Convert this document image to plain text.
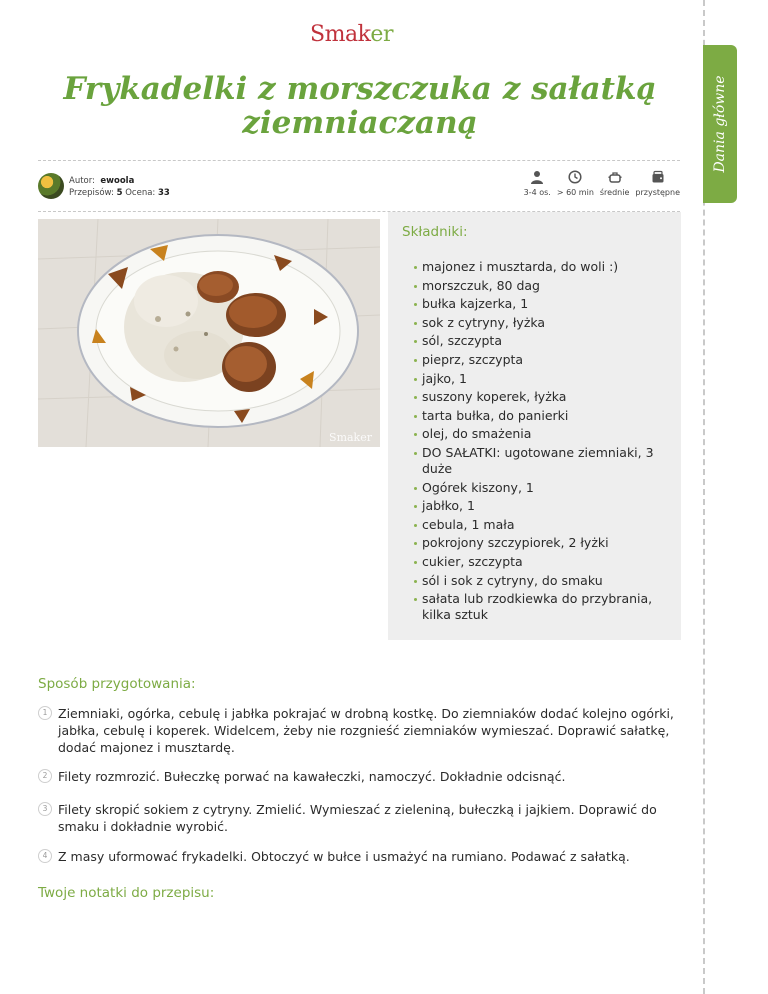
Dania główne
Smaker
Frykadelki z morszczuka z sałatką ziemniaczaną
Autor: ewoola
Przepisów: 5 Ocena: 33	3-4 os. > 60 min średnie przystępne
Smaker
Składniki:
majonez i musztarda, do woli :)
morszczuk, 80 dag
bułka kajzerka, 1
sok z cytryny, łyżka
sól, szczypta
pieprz, szczypta
jajko, 1
suszony koperek, łyżka
tarta bułka, do panierki
olej, do smażenia
DO SAŁATKI: ugotowane ziemniaki, 3 duże
Ogórek kiszony, 1
jabłko, 1
cebula, 1 mała
pokrojony szczypiorek, 2 łyżki
cukier, szczypta
sól i sok z cytryny, do smaku
sałata lub rzodkiewka do przybrania, kilka sztuk
Sposób przygotowania:
1 Ziemniaki, ogórka, cebulę i jabłka pokrajać w drobną kostkę. Do ziemniaków dodać kolejno ogórki, jabłka, cebulę i koperek. Widelcem, żeby nie rozgnieść ziemniaków wymieszać. Doprawić sałatkę, dodać majonez i musztardę.
2 Filety rozmrozić. Bułeczkę porwać na kawałeczki, namoczyć. Dokładnie odcisnąć.
3 Filety skropić sokiem z cytryny. Zmielić. Wymieszać z zieleniną, bułeczką i jajkiem. Doprawić do smaku i dokładnie wyrobić.
4 Z masy uformować frykadelki. Obtoczyć w bułce i usmażyć na rumiano. Podawać z sałatką.
Twoje notatki do przepisu:
